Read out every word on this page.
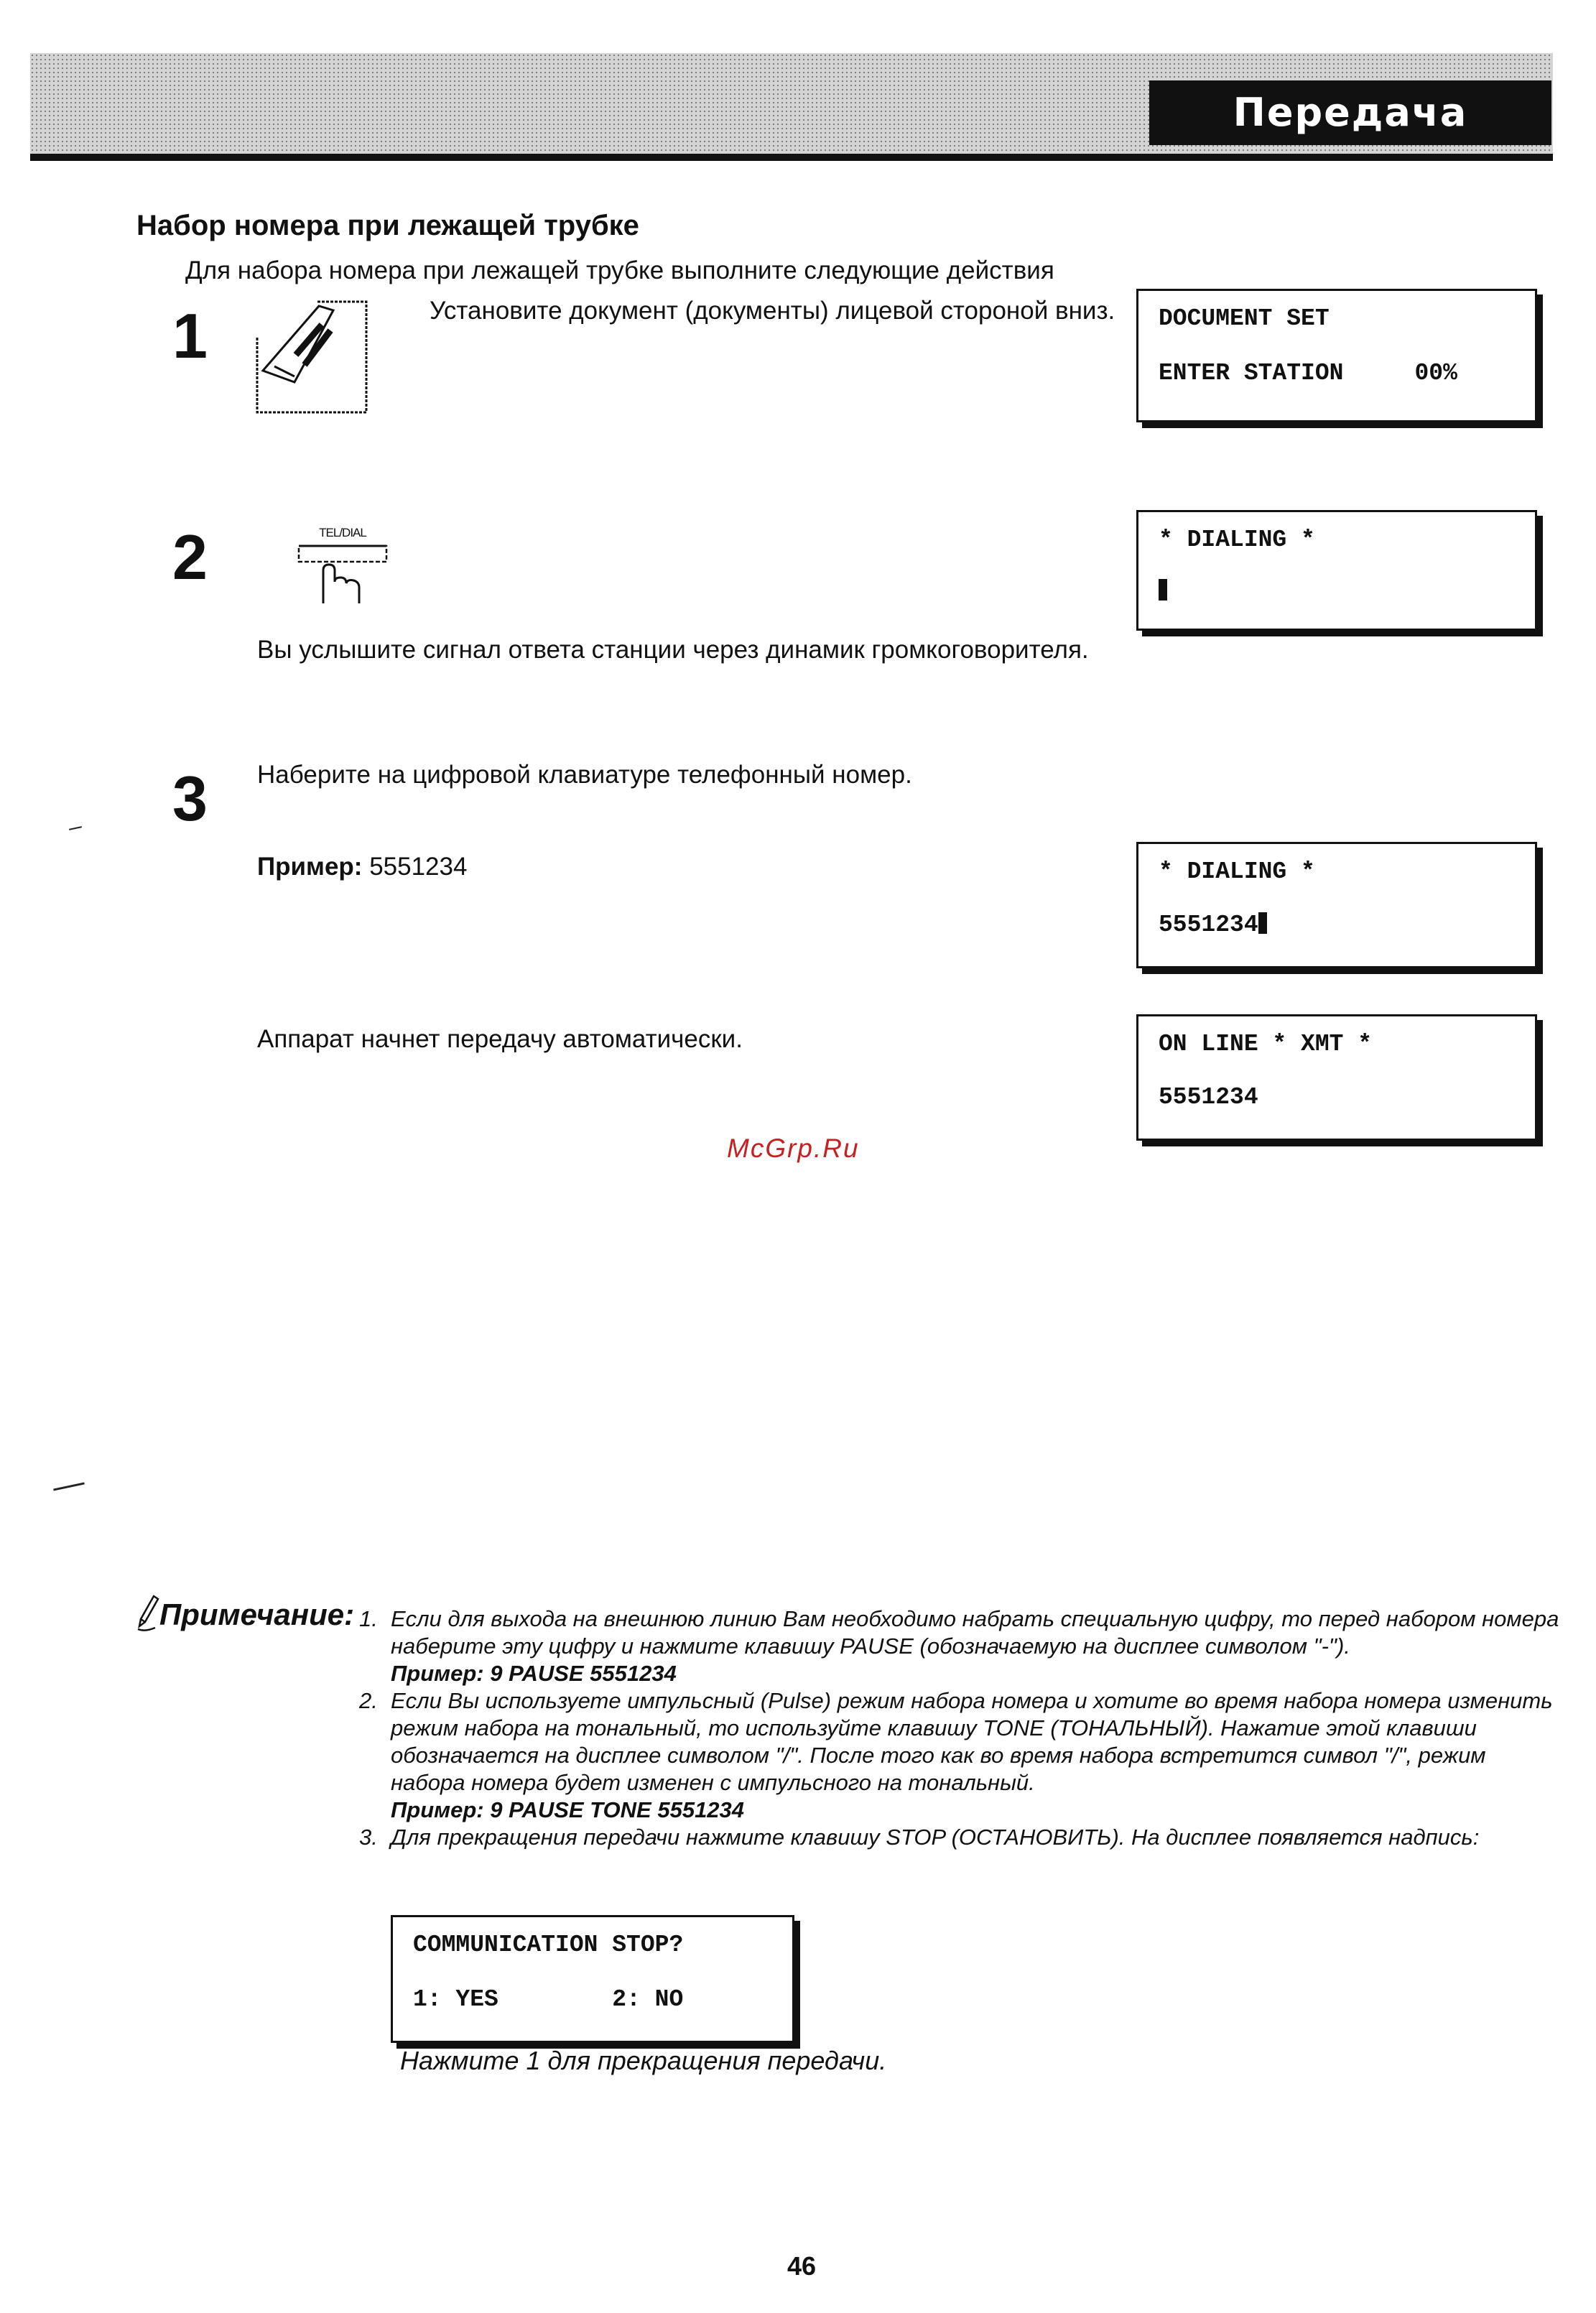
Передача документов
Набор номера при лежащей трубке
Для набора номера при лежащей трубке выполните следующие действия
1	Установите документ (документы) лицевой стороной вниз.	DOCUMENT SET
ENTER STATION	00%
2	TEL/DIAL	* DIALING *
Вы услышите сигнал ответа станции через динамик громкоговорителя.
3 Наберите на цифровой клавиатуре телефонный номер.
Пример: 5551234	* DIALING *
5551234
Аппарат начнет передачу автоматически.	ON LINE * XMT *
5551234
McGrp.Ru
Примечание: 1. Если для выхода на внешнюю линию Вам необходимо набрать специальную цифру, то перед набором номера наберите эту цифру и нажмите клавишу PAUSE (обозначаемую на дисплее символом "-").
Пример: 9 PAUSE 5551234
2. Если Вы используете импульсный (Pulse) режим набора номера и хотите во время набора номера изменить режим набора на тональный, то используйте клавишу TONE (ТОНАЛЬНЫЙ). Нажатие этой клавиши обозначается на дисплее символом "/". После того как во время набора встретится символ "/", режим набора номера будет изменен с импульсного на тональный.
Пример: 9 PAUSE TONE 5551234
3. Для прекращения передачи нажмите клавишу STOP (ОСТАНОВИТЬ). На дисплее появляется надпись:
COMMUNICATION STOP?
1: YES	2: NO
Нажмите 1 для прекращения передачи.
46
